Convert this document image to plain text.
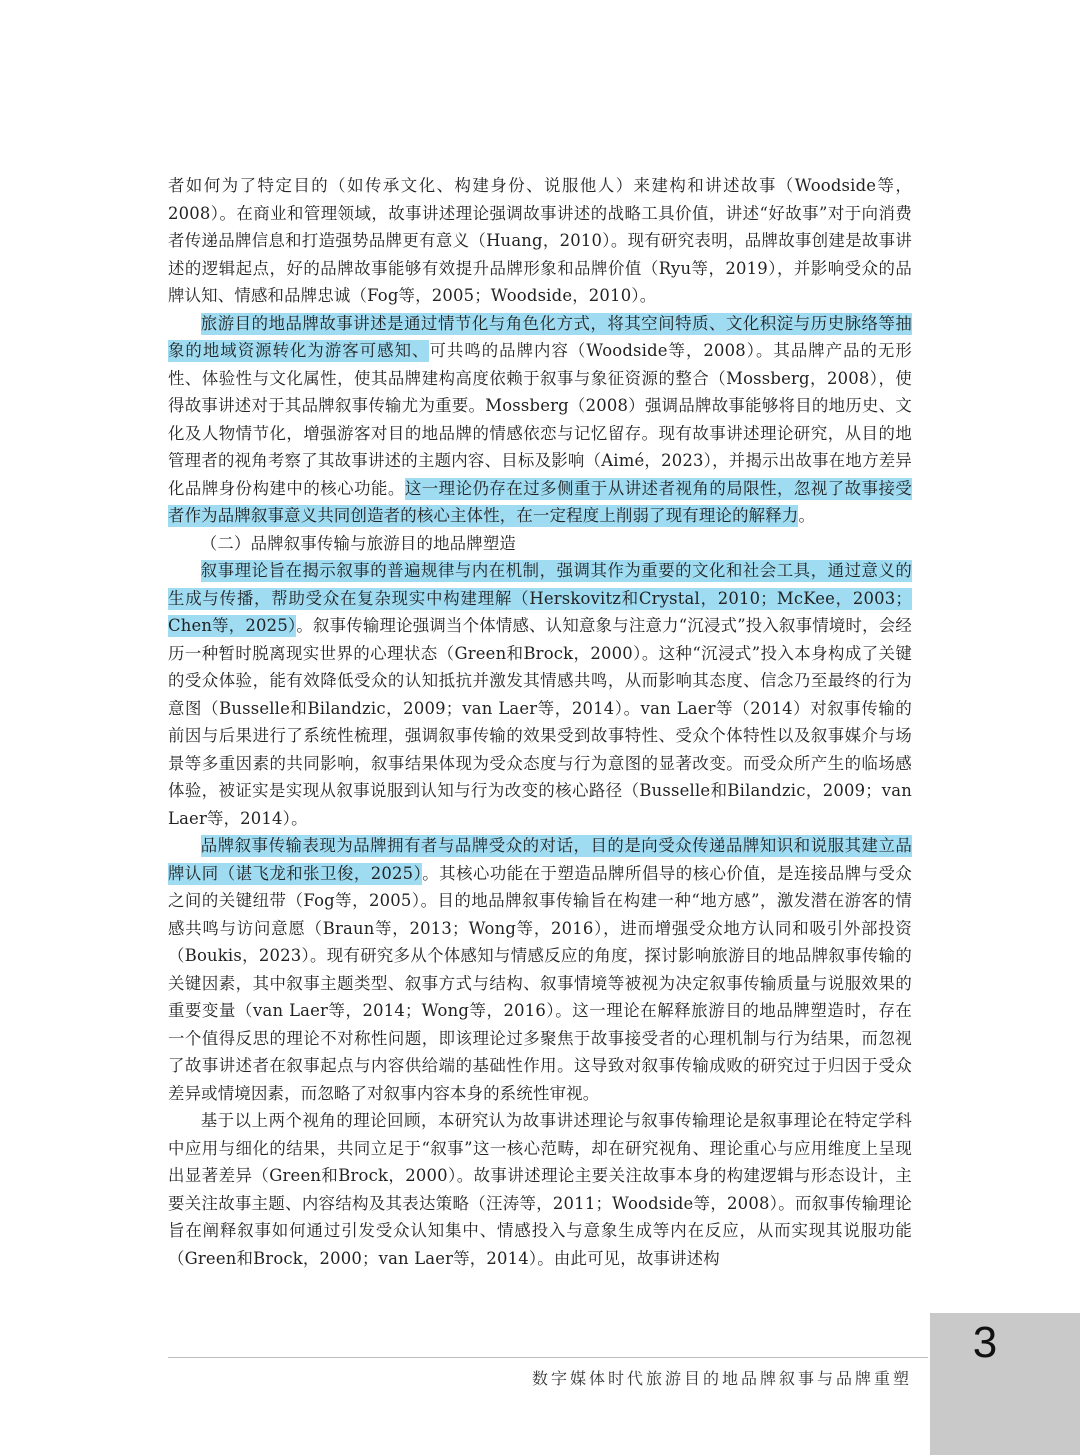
者如何为了特定目的（如传承文化、构建身份、说服他人）来建构和讲述故事（Woodside等，2008）。在商业和管理领域，故事讲述理论强调故事讲述的战略工具价值，讲述“好故事”对于向消费者传递品牌信息和打造强势品牌更有意义（Huang，2010）。现有研究表明，品牌故事创建是故事讲述的逻辑起点，好的品牌故事能够有效提升品牌形象和品牌价值（Ryu等，2019），并影响受众的品牌认知、情感和品牌忠诚（Fog等，2005；Woodside，2010）。

旅游目的地品牌故事讲述是通过情节化与角色化方式，将其空间特质、文化积淀与历史脉络等抽象的地域资源转化为游客可感知、可共鸣的品牌内容（Woodside等，2008）。其品牌产品的无形性、体验性与文化属性，使其品牌建构高度依赖于叙事与象征资源的整合（Mossberg，2008），使得故事讲述对于其品牌叙事传输尤为重要。Mossberg（2008）强调品牌故事能够将目的地历史、文化及人物情节化，增强游客对目的地品牌的情感依恋与记忆留存。现有故事讲述理论研究，从目的地管理者的视角考察了其故事讲述的主题内容、目标及影响（Aimé，2023），并揭示出故事在地方差异化品牌身份构建中的核心功能。这一理论仍存在过多侧重于从讲述者视角的局限性，忽视了故事接受者作为品牌叙事意义共同创造者的核心主体性，在一定程度上削弱了现有理论的解释力。

（二）品牌叙事传输与旅游目的地品牌塑造

叙事理论旨在揭示叙事的普遍规律与内在机制，强调其作为重要的文化和社会工具，通过意义的生成与传播，帮助受众在复杂现实中构建理解（Herskovitz和Crystal，2010；McKee，2003；Chen等，2025）。叙事传输理论强调当个体情感、认知意象与注意力“沉浸式”投入叙事情境时，会经历一种暂时脱离现实世界的心理状态（Green和Brock，2000）。这种“沉浸式”投入本身构成了关键的受众体验，能有效降低受众的认知抵抗并激发其情感共鸣，从而影响其态度、信念乃至最终的行为意图（Busselle和Bilandzic，2009；van Laer等，2014）。van Laer等（2014）对叙事传输的前因与后果进行了系统性梳理，强调叙事传输的效果受到故事特性、受众个体特性以及叙事媒介与场景等多重因素的共同影响，叙事结果体现为受众态度与行为意图的显著改变。而受众所产生的临场感体验，被证实是实现从叙事说服到认知与行为改变的核心路径（Busselle和Bilandzic，2009；van Laer等，2014）。

品牌叙事传输表现为品牌拥有者与品牌受众的对话，目的是向受众传递品牌知识和说服其建立品牌认同（谌飞龙和张卫俊，2025）。其核心功能在于塑造品牌所倡导的核心价值，是连接品牌与受众之间的关键纽带（Fog等，2005）。目的地品牌叙事传输旨在构建一种“地方感”，激发潜在游客的情感共鸣与访问意愿（Braun等，2013；Wong等，2016），进而增强受众地方认同和吸引外部投资（Boukis，2023）。现有研究多从个体感知与情感反应的角度，探讨影响旅游目的地品牌叙事传输的关键因素，其中叙事主题类型、叙事方式与结构、叙事情境等被视为决定叙事传输质量与说服效果的重要变量（van Laer等，2014；Wong等，2016）。这一理论在解释旅游目的地品牌塑造时，存在一个值得反思的理论不对称性问题，即该理论过多聚焦于故事接受者的心理机制与行为结果，而忽视了故事讲述者在叙事起点与内容供给端的基础性作用。这导致对叙事传输成败的研究过于归因于受众差异或情境因素，而忽略了对叙事内容本身的系统性审视。

基于以上两个视角的理论回顾，本研究认为故事讲述理论与叙事传输理论是叙事理论在特定学科中应用与细化的结果，共同立足于“叙事”这一核心范畴，却在研究视角、理论重心与应用维度上呈现出显著差异（Green和Brock，2000）。故事讲述理论主要关注故事本身的构建逻辑与形态设计，主要关注故事主题、内容结构及其表达策略（汪涛等，2011；Woodside等，2008）。而叙事传输理论旨在阐释叙事如何通过引发受众认知集中、情感投入与意象生成等内在反应，从而实现其说服功能（Green和Brock，2000；van Laer等，2014）。由此可见，故事讲述构

数字媒体时代旅游目的地品牌叙事与品牌重塑
3
